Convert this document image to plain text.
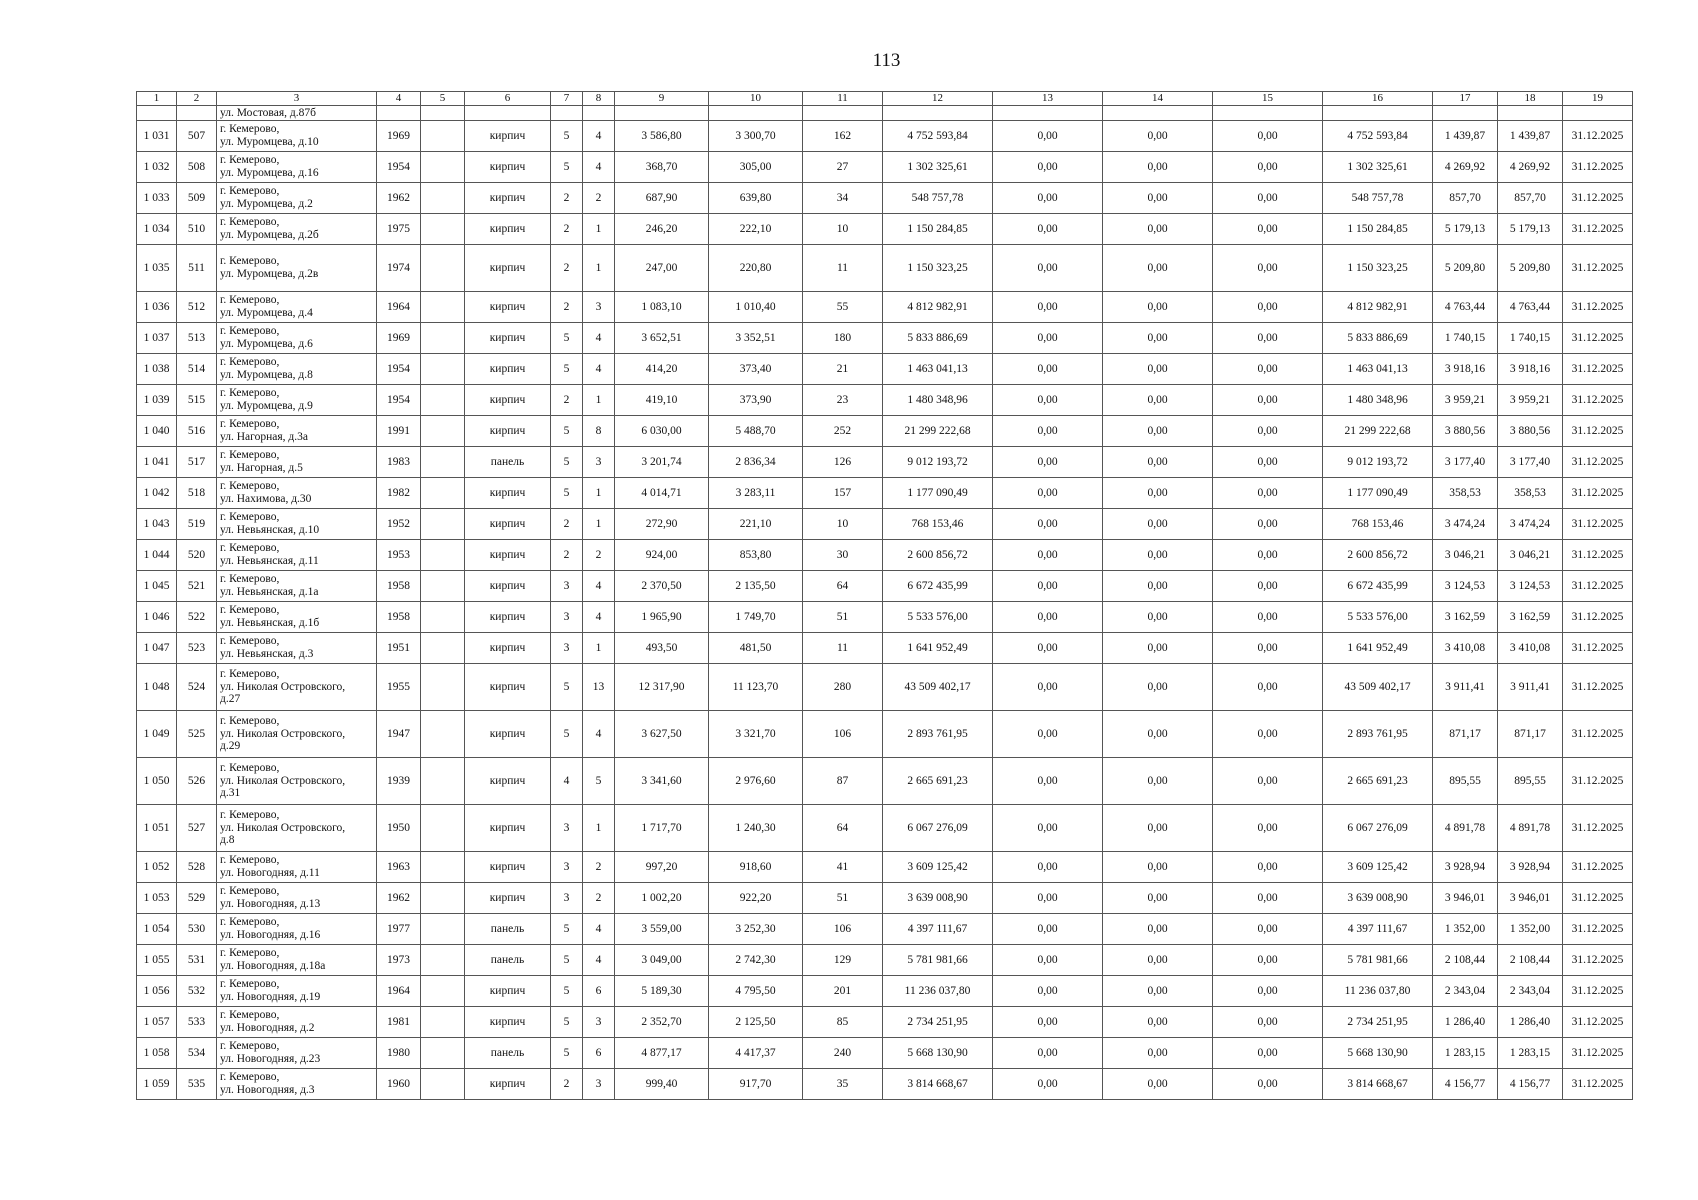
113
1	2	3	4	5	6	7	8	9	10	11	12	13	14	15	16	17	18	19
		ул. Мостовая, д.87б																
1 031	507	г. Кемерово,
ул. Муромцева, д.10	1969		кирпич	5	4	3 586,80	3 300,70	162	4 752 593,84	0,00	0,00	0,00	4 752 593,84	1 439,87	1 439,87	31.12.2025
1 032	508	г. Кемерово,
ул. Муромцева, д.16	1954		кирпич	5	4	368,70	305,00	27	1 302 325,61	0,00	0,00	0,00	1 302 325,61	4 269,92	4 269,92	31.12.2025
1 033	509	г. Кемерово,
ул. Муромцева, д.2	1962		кирпич	2	2	687,90	639,80	34	548 757,78	0,00	0,00	0,00	548 757,78	857,70	857,70	31.12.2025
1 034	510	г. Кемерово,
ул. Муромцева, д.2б	1975		кирпич	2	1	246,20	222,10	10	1 150 284,85	0,00	0,00	0,00	1 150 284,85	5 179,13	5 179,13	31.12.2025
1 035	511	г. Кемерово,
ул. Муромцева, д.2в	1974		кирпич	2	1	247,00	220,80	11	1 150 323,25	0,00	0,00	0,00	1 150 323,25	5 209,80	5 209,80	31.12.2025
1 036	512	г. Кемерово,
ул. Муромцева, д.4	1964		кирпич	2	3	1 083,10	1 010,40	55	4 812 982,91	0,00	0,00	0,00	4 812 982,91	4 763,44	4 763,44	31.12.2025
1 037	513	г. Кемерово,
ул. Муромцева, д.6	1969		кирпич	5	4	3 652,51	3 352,51	180	5 833 886,69	0,00	0,00	0,00	5 833 886,69	1 740,15	1 740,15	31.12.2025
1 038	514	г. Кемерово,
ул. Муромцева, д.8	1954		кирпич	5	4	414,20	373,40	21	1 463 041,13	0,00	0,00	0,00	1 463 041,13	3 918,16	3 918,16	31.12.2025
1 039	515	г. Кемерово,
ул. Муромцева, д.9	1954		кирпич	2	1	419,10	373,90	23	1 480 348,96	0,00	0,00	0,00	1 480 348,96	3 959,21	3 959,21	31.12.2025
1 040	516	г. Кемерово,
ул. Нагорная, д.3а	1991		кирпич	5	8	6 030,00	5 488,70	252	21 299 222,68	0,00	0,00	0,00	21 299 222,68	3 880,56	3 880,56	31.12.2025
1 041	517	г. Кемерово,
ул. Нагорная, д.5	1983		панель	5	3	3 201,74	2 836,34	126	9 012 193,72	0,00	0,00	0,00	9 012 193,72	3 177,40	3 177,40	31.12.2025
1 042	518	г. Кемерово,
ул. Нахимова, д.30	1982		кирпич	5	1	4 014,71	3 283,11	157	1 177 090,49	0,00	0,00	0,00	1 177 090,49	358,53	358,53	31.12.2025
1 043	519	г. Кемерово,
ул. Невьянская, д.10	1952		кирпич	2	1	272,90	221,10	10	768 153,46	0,00	0,00	0,00	768 153,46	3 474,24	3 474,24	31.12.2025
1 044	520	г. Кемерово,
ул. Невьянская, д.11	1953		кирпич	2	2	924,00	853,80	30	2 600 856,72	0,00	0,00	0,00	2 600 856,72	3 046,21	3 046,21	31.12.2025
1 045	521	г. Кемерово,
ул. Невьянская, д.1а	1958		кирпич	3	4	2 370,50	2 135,50	64	6 672 435,99	0,00	0,00	0,00	6 672 435,99	3 124,53	3 124,53	31.12.2025
1 046	522	г. Кемерово,
ул. Невьянская, д.1б	1958		кирпич	3	4	1 965,90	1 749,70	51	5 533 576,00	0,00	0,00	0,00	5 533 576,00	3 162,59	3 162,59	31.12.2025
1 047	523	г. Кемерово,
ул. Невьянская, д.3	1951		кирпич	3	1	493,50	481,50	11	1 641 952,49	0,00	0,00	0,00	1 641 952,49	3 410,08	3 410,08	31.12.2025
1 048	524	г. Кемерово,
ул. Николая Островского,
д.27	1955		кирпич	5	13	12 317,90	11 123,70	280	43 509 402,17	0,00	0,00	0,00	43 509 402,17	3 911,41	3 911,41	31.12.2025
1 049	525	г. Кемерово,
ул. Николая Островского,
д.29	1947		кирпич	5	4	3 627,50	3 321,70	106	2 893 761,95	0,00	0,00	0,00	2 893 761,95	871,17	871,17	31.12.2025
1 050	526	г. Кемерово,
ул. Николая Островского,
д.31	1939		кирпич	4	5	3 341,60	2 976,60	87	2 665 691,23	0,00	0,00	0,00	2 665 691,23	895,55	895,55	31.12.2025
1 051	527	г. Кемерово,
ул. Николая Островского,
д.8	1950		кирпич	3	1	1 717,70	1 240,30	64	6 067 276,09	0,00	0,00	0,00	6 067 276,09	4 891,78	4 891,78	31.12.2025
1 052	528	г. Кемерово,
ул. Новогодняя, д.11	1963		кирпич	3	2	997,20	918,60	41	3 609 125,42	0,00	0,00	0,00	3 609 125,42	3 928,94	3 928,94	31.12.2025
1 053	529	г. Кемерово,
ул. Новогодняя, д.13	1962		кирпич	3	2	1 002,20	922,20	51	3 639 008,90	0,00	0,00	0,00	3 639 008,90	3 946,01	3 946,01	31.12.2025
1 054	530	г. Кемерово,
ул. Новогодняя, д.16	1977		панель	5	4	3 559,00	3 252,30	106	4 397 111,67	0,00	0,00	0,00	4 397 111,67	1 352,00	1 352,00	31.12.2025
1 055	531	г. Кемерово,
ул. Новогодняя, д.18а	1973		панель	5	4	3 049,00	2 742,30	129	5 781 981,66	0,00	0,00	0,00	5 781 981,66	2 108,44	2 108,44	31.12.2025
1 056	532	г. Кемерово,
ул. Новогодняя, д.19	1964		кирпич	5	6	5 189,30	4 795,50	201	11 236 037,80	0,00	0,00	0,00	11 236 037,80	2 343,04	2 343,04	31.12.2025
1 057	533	г. Кемерово,
ул. Новогодняя, д.2	1981		кирпич	5	3	2 352,70	2 125,50	85	2 734 251,95	0,00	0,00	0,00	2 734 251,95	1 286,40	1 286,40	31.12.2025
1 058	534	г. Кемерово,
ул. Новогодняя, д.23	1980		панель	5	6	4 877,17	4 417,37	240	5 668 130,90	0,00	0,00	0,00	5 668 130,90	1 283,15	1 283,15	31.12.2025
1 059	535	г. Кемерово,
ул. Новогодняя, д.3	1960		кирпич	2	3	999,40	917,70	35	3 814 668,67	0,00	0,00	0,00	3 814 668,67	4 156,77	4 156,77	31.12.2025
